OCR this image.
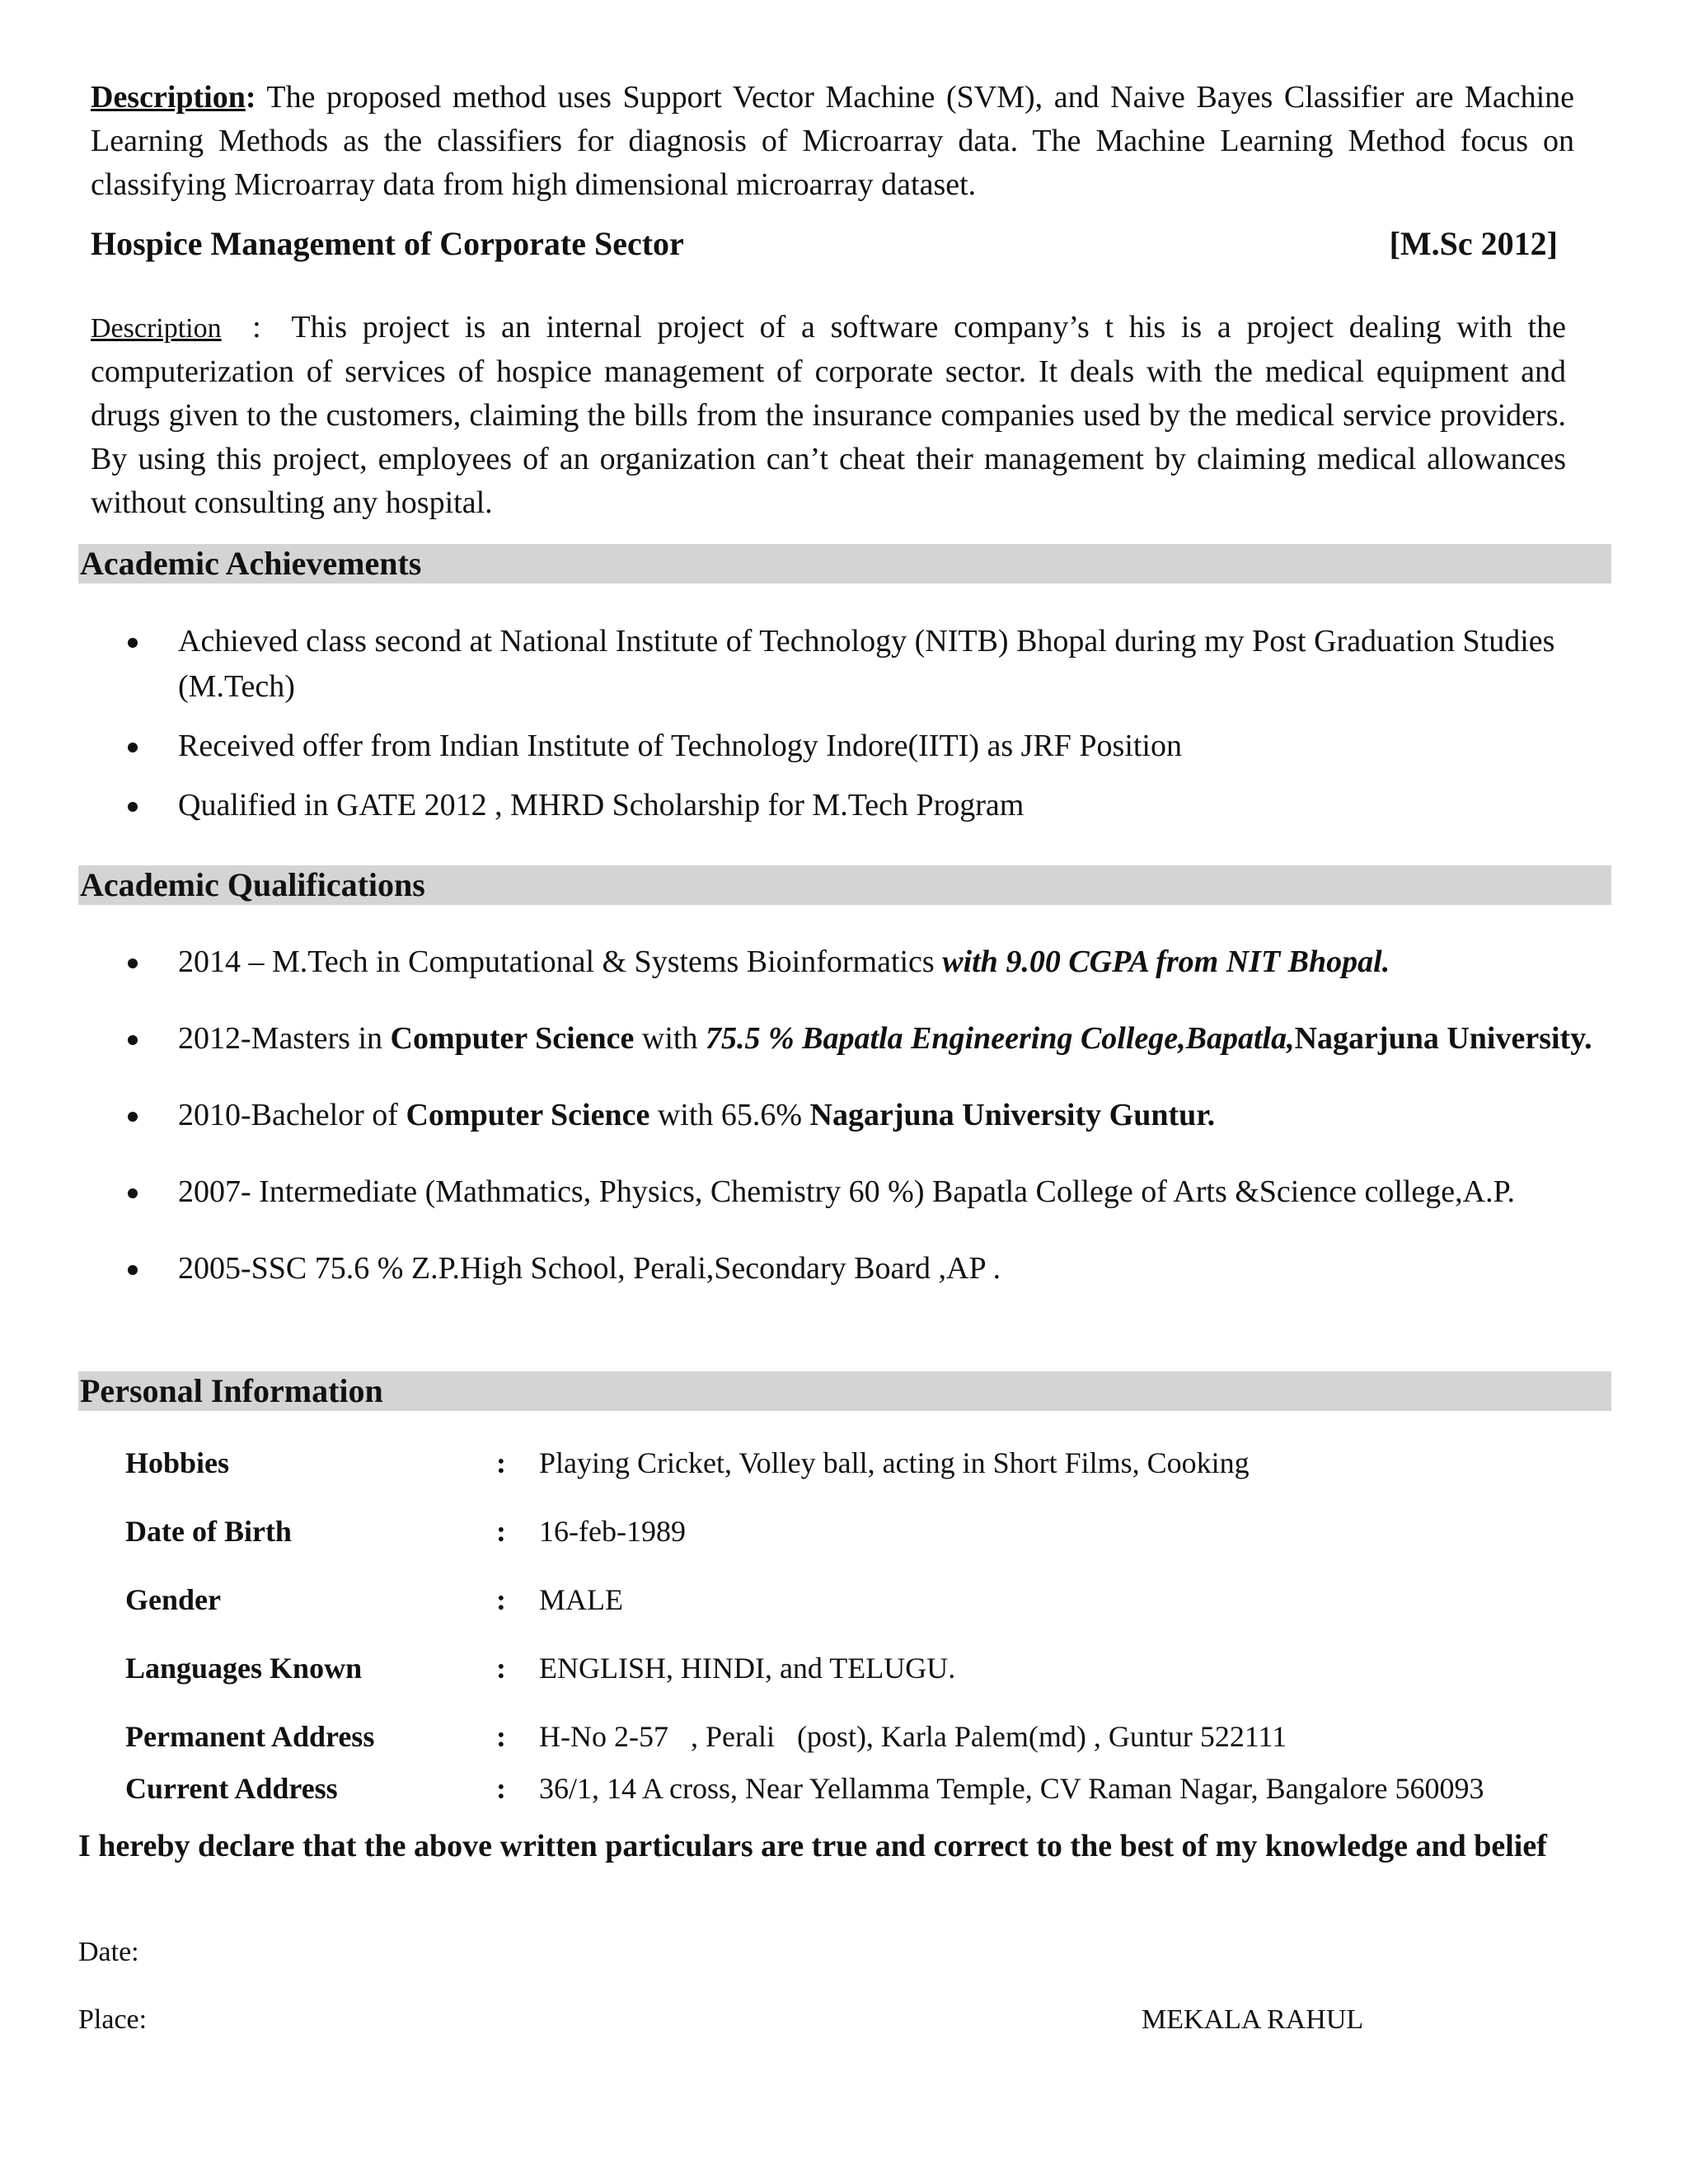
Description: The proposed method uses Support Vector Machine (SVM), and Naive Bayes Classifier are Machine Learning Methods as the classifiers for diagnosis of Microarray data. The Machine Learning Method focus on classifying Microarray data from high dimensional microarray dataset.
Hospice Management of Corporate Sector	[M.Sc 2012]
Description  :  This project is an internal project of a software company’s t his is a project dealing with the computerization of services of hospice management of corporate sector. It deals with the medical equipment and drugs given to the customers, claiming the bills from the insurance companies used by the medical service providers. By using this project, employees of an organization can’t cheat their management by claiming medical allowances without consulting any hospital.
Academic Achievements
Achieved class second at National Institute of Technology (NITB) Bhopal during my Post Graduation Studies (M.Tech)
Received offer from Indian Institute of Technology Indore(IITI) as JRF Position
Qualified in GATE 2012 , MHRD Scholarship for M.Tech Program
Academic Qualifications
2014 – M.Tech in Computational & Systems Bioinformatics with 9.00 CGPA from NIT Bhopal.
2012-Masters in Computer Science with 75.5 % Bapatla Engineering College,Bapatla,Nagarjuna University.
2010-Bachelor of Computer Science with 65.6% Nagarjuna University Guntur.
2007- Intermediate (Mathmatics, Physics, Chemistry 60 %) Bapatla College of Arts &Science college,A.P.
2005-SSC 75.6 % Z.P.High School, Perali,Secondary Board ,AP .
Personal Information
Hobbies	: Playing Cricket, Volley ball, acting in Short Films, Cooking
Date of Birth	: 16-feb-1989
Gender	: MALE
Languages Known	: ENGLISH, HINDI, and TELUGU.
Permanent Address	: H-No 2-57   , Perali   (post), Karla Palem(md) , Guntur 522111
Current Address	: 36/1, 14 A cross, Near Yellamma Temple, CV Raman Nagar, Bangalore 560093
I hereby declare that the above written particulars are true and correct to the best of my knowledge and belief
Date:
Place:	MEKALA RAHUL
